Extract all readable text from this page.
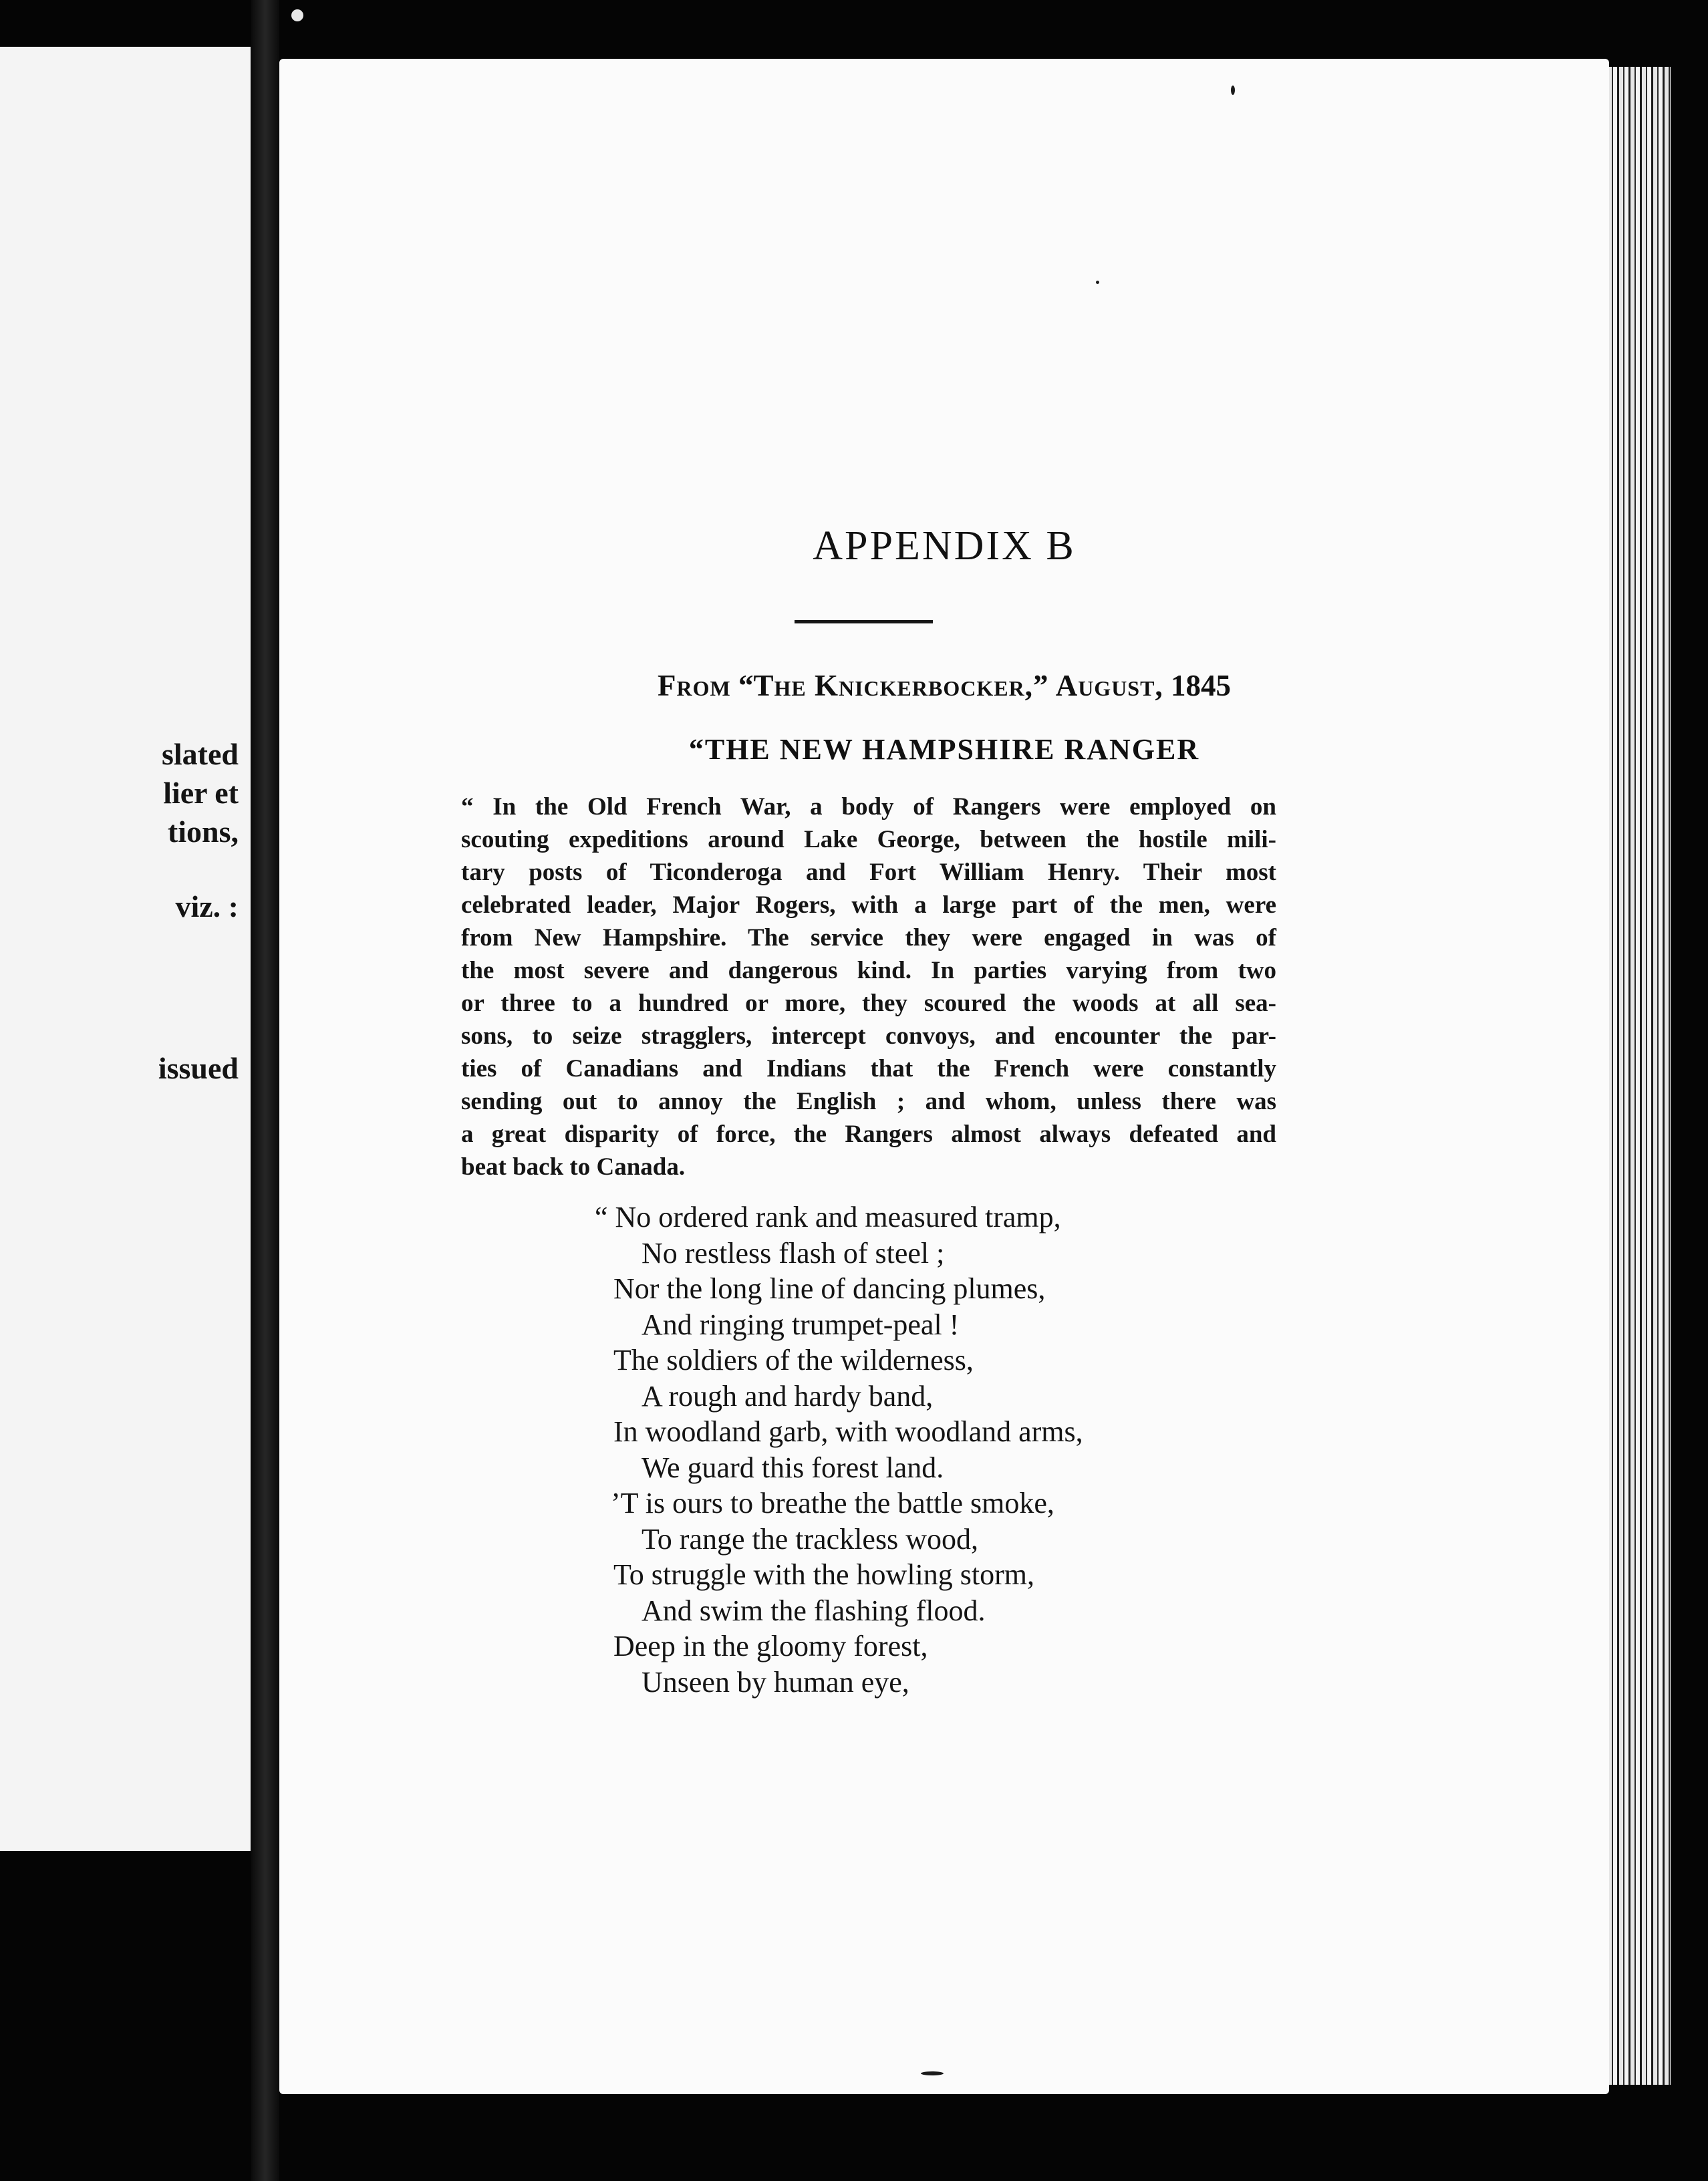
slated
lier et
tions,
viz. :
issued
APPENDIX B
From “The Knickerbocker,” August, 1845
“THE NEW HAMPSHIRE RANGER
“ In the Old French War, a body of Rangers were employed on
scouting expeditions around Lake George, between the hostile mili-
tary posts of Ticonderoga and Fort William Henry. Their most
celebrated leader, Major Rogers, with a large part of the men, were
from New Hampshire. The service they were engaged in was of
the most severe and dangerous kind. In parties varying from two
or three to a hundred or more, they scoured the woods at all sea-
sons, to seize stragglers, intercept convoys, and encounter the par-
ties of Canadians and Indians that the French were constantly
sending out to annoy the English ; and whom, unless there was
a great disparity of force, the Rangers almost always defeated and
beat back to Canada.
“ No ordered rank and measured tramp,
No restless flash of steel ;
Nor the long line of dancing plumes,
And ringing trumpet-peal !
The soldiers of the wilderness,
A rough and hardy band,
In woodland garb, with woodland arms,
We guard this forest land.
’T is ours to breathe the battle smoke,
To range the trackless wood,
To struggle with the howling storm,
And swim the flashing flood.
Deep in the gloomy forest,
Unseen by human eye,
